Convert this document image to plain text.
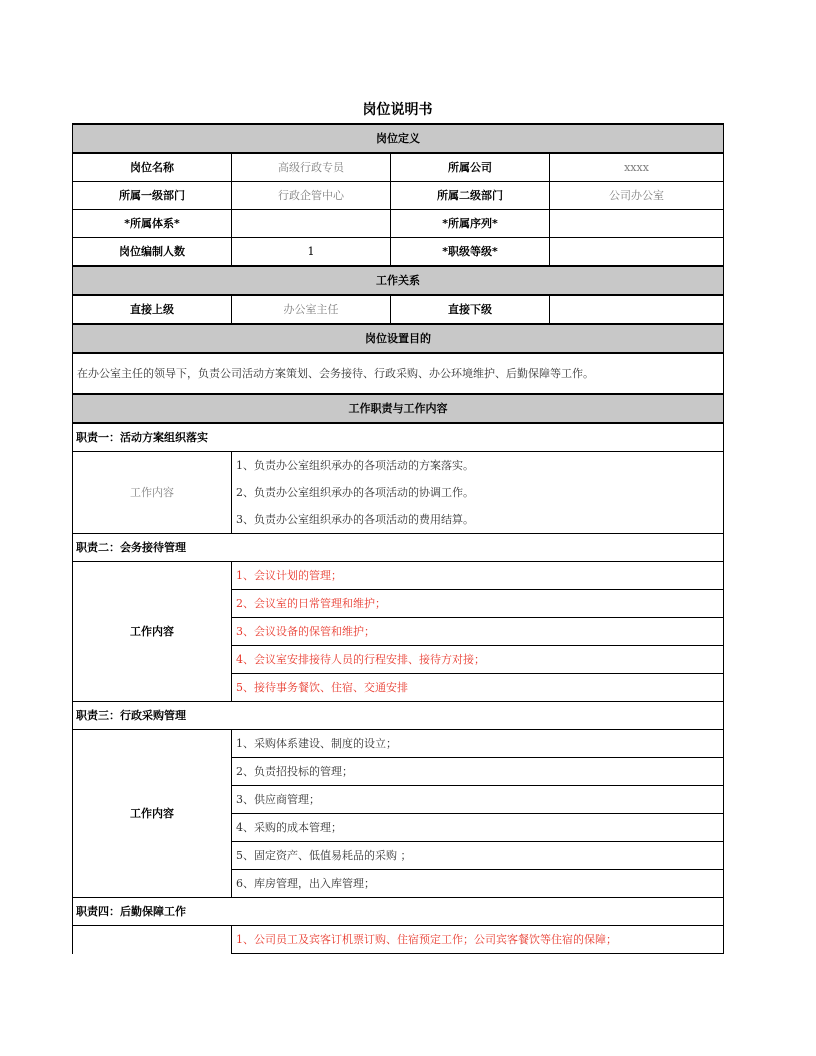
岗位说明书
岗位定义			
岗位名称	高级行政专员	所属公司	xxxx
所属一级部门	行政企管中心	所属二级部门	公司办公室
*所属体系*		*所属序列*	
岗位编制人数	1	*职级等级*	
工作关系			
直接上级	办公室主任	直接下级	
岗位设置目的			
在办公室主任的领导下，负责公司活动方案策划、会务接待、行政采购、办公环境维护、后勤保障等工作。			
工作职责与工作内容			
职责一：活动方案组织落实			
工作内容	1、负责办公室组织承办的各项活动的方案落实。		
	2、负责办公室组织承办的各项活动的协调工作。		
	3、负责办公室组织承办的各项活动的费用结算。		
职责二：会务接待管理			
工作内容	1、会议计划的管理；		
	2、会议室的日常管理和维护；		
	3、会议设备的保管和维护；		
	4、会议室安排接待人员的行程安排、接待方对接；		
	5、接待事务餐饮、住宿、交通安排		
职责三：行政采购管理			
工作内容	1、采购体系建设、制度的设立；		
	2、负责招投标的管理；		
	3、供应商管理；		
	4、采购的成本管理；		
	5、固定资产、低值易耗品的采购 ；		
	6、库房管理，出入库管理；		
职责四：后勤保障工作			
	1、公司员工及宾客订机票订购、住宿预定工作；公司宾客餐饮等住宿的保障；		
